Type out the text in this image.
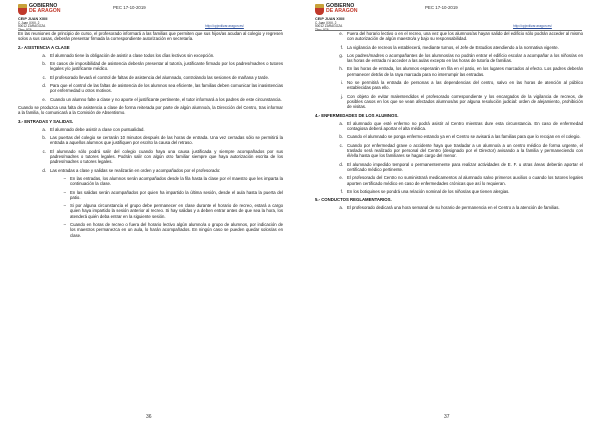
GOBIERNO
DE ARAGON
CEIP JUAN XXIII
C Juan XXIII, 2
50012 ZARAGOZA
Tfno. 976 ...
PEC 17-10-2019
http://cpjxxiiizar.aragon.es/

En las reuniones de principio de curso, el profesorado informará a las familias que permiten que sus hijos/as acudan al colegio y regresen solos a sus casas, deberán presentar firmada la correspondiente autorización en secretaría.

2.- ASISTENCIA A CLASE
a. El alumnado tiene la obligación de asistir a clase todos los días lectivos sin excepción.
b. En casos de imposibilidad de asistencia deberán presentar al tutor/a, justificante firmado por los padres/madres o tutores legales y/o justificante médico.
c. El profesorado llevará el control de faltas de asistencia del alumnado, controlando las sesiones de mañana y tarde.
d. Para que el control de las faltas de asistencia de los alumnos sea eficiente, las familias deben comunicar las inasistencias por enfermedad u otros motivos.
e. Cuando un alumno falte a clase y no aporte el justificante pertinente, el tutor informará a los padres de este circunstancia.

Cuando se produzca una falta de asistencia a clase de forma reiterada por parte de algún alumno/a, la Dirección del Centro, tras informar a la familia, lo comunicará a la Comisión de Absentismo.

3.- ENTRADAS Y SALIDAS.
a. El alumnado debe asistir a clase con puntualidad.
b. Las puertas del colegio se cerrarán 10 minutos después de las horas de entrada. Una vez cerradas sólo se permitirá la entrada a aquellos alumnos que justifiquen por escrito la causa del retraso.
c. El alumnado sólo podrá salir del colegio cuando haya una causa justificada y siempre acompañados por sus padres/madres o tutores legales. Podrán salir con algún otro familiar siempre que haya autorización escrita de los padres/madres o tutores legales.
d. Las entradas a clase y salidas se realizarán en orden y acompañados por el profesorado:
– En las entradas, los alumnos serán acompañados desde la fila hasta la clase por el maestro que les imparta la continuación la clase.
– En las salidas serán acompañados por quien ha impartido la última sesión, desde el aula hasta la puerta del patio.
– Si por alguna circunstancia el grupo debe permanecer en clase durante el horario de recreo, estará a cargo quien haya impartido la sesión anterior al recreo. Si hay salidas y a deben entrar antes de que sea la hora, los atenderá quién deba entrar en la siguiente sesión.
– Cuando en horas de recreo o fuera del horario lectivo algún alumno/a o grupo de alumnos, por indicación de los maestros permanezca en un aula, lo harán acompañados. En ningún caso se pueden quedar solos/as en clase.
36
GOBIERNO
DE ARAGON
CEIP JUAN XXIII
C Juan XXIII, 2
50012 ZARAGOZA
Tfno. 976 ...
PEC 17-10-2019
http://cpjxxiiizar.aragon.es/
e. Fuera del horario lectivo o en el recreo, una vez que los alumnos/as hayan salido del edificio sólo podrán acceder al mismo con autorización de algún maestro/a y bajo su responsabilidad.
f. La vigilancia de recreos la establecerá, mediante turnos, el Jefe de Estudios atendiendo a la normativa vigente.
g. Los padres/madres o acompañantes de los alumnos/as no podrán entrar el edificio escolar a acompañar a los niños/as en las horas de entrada ni acceder a las aulas excepto en las horas de tutoría de familias.
h. En las horas de entrada, los alumnos esperarán en fila en el patio, en los lugares marcados al efecto. Los padres deberán permanecer detrás de la raya marcada para no interrumpir las entradas.
i. No se permitirá la entrada de personas a las dependencias del centro, salvo en las horas de atención al público establecidas para ello.
j. Con objeto de evitar malentendidos el profesorado correspondiente y los encargados de la vigilancia de recreos, de posibles casos en los que se vean afectados alumnos/as por alguna resolución judicial: orden de alejamiento, prohibición de visitas.
4.- ENFERMEDADES DE LOS ALUMNOS.
a. El alumnado que esté enfermo no podrá asistir al Centro mientras dure esta circunstancia. En caso de enfermedad contagiosa deberá aportar el alta médica.
b. Cuando el alumnado se ponga enfermo estando ya en el Centro se avisará a las familias para que lo recojan en el colegio.
c. Cuando por enfermedad grave o accidente haya que trasladar a un alumno/a a un centro médico de forma urgente, el traslado será realizado por personal del Centro (designado por el Director) avisando a la familia y permaneciendo con él/ella hasta que los familiares se hagan cargo del menor.
d. El alumnado impedido temporal o permanentemente para realizar actividades de E. F. u otras áreas deberán aportar el certificado médico pertinente.
e. El profesorado del Centro no suministrará medicamentos al alumnado salvo primeros auxilios o cuando los tutores legales aporten certificado médico en caso de enfermedades crónicas que así lo requieran.
f. En los botiquines se pondrá una relación nominal de los niños/as que tienen alergias.
5.- CONDUCTOS REGLAMENTARIOS.
a. El profesorado dedicará una hora semanal de su horario de permanencia en el Centro a la atención de familias.
37
